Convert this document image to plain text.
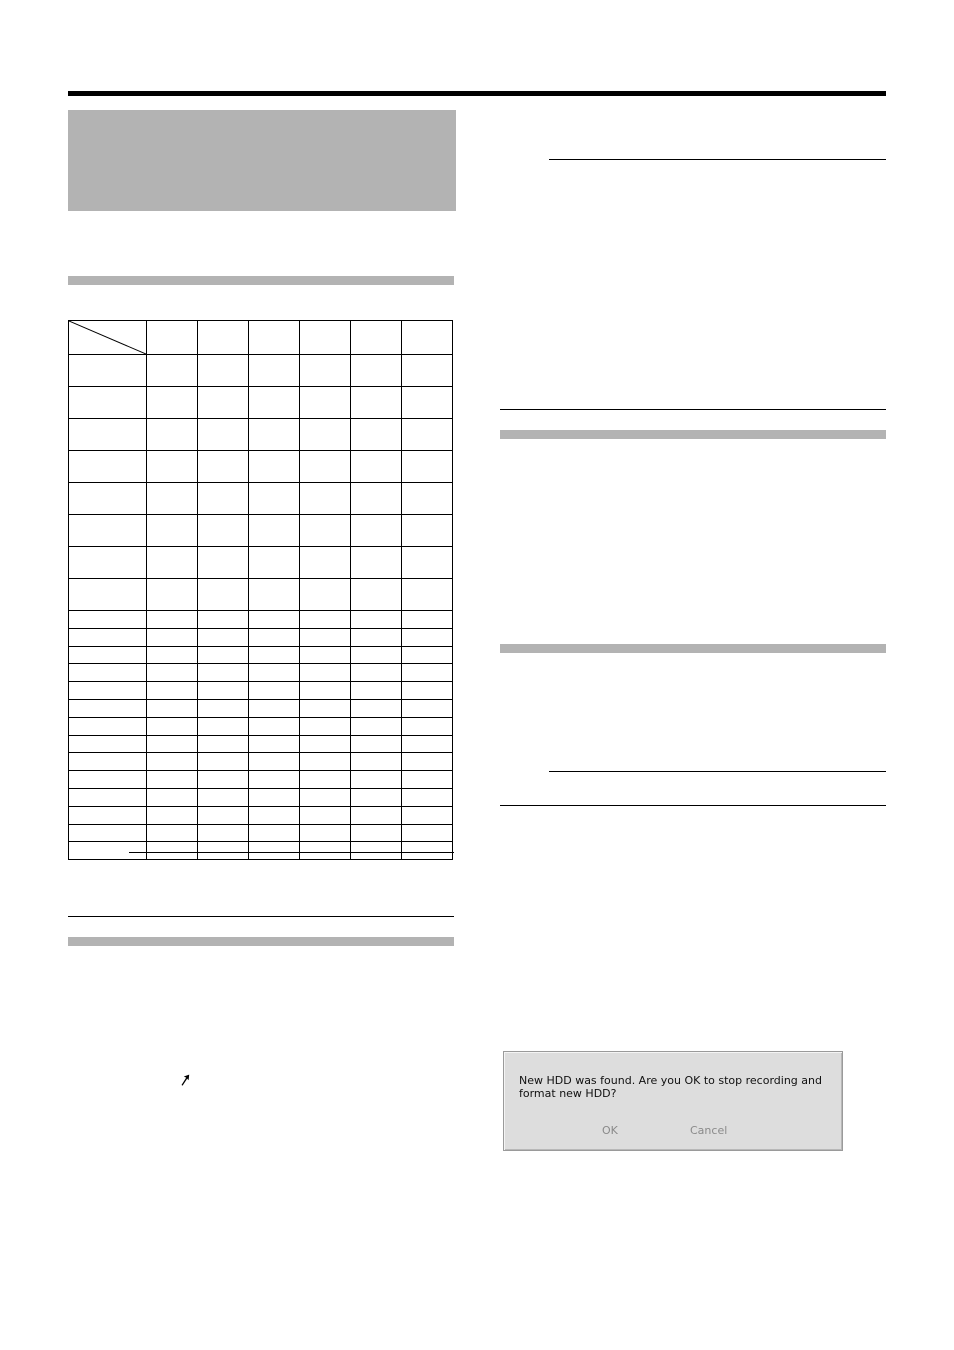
New HDD was found. Are you OK to stop recording and
format new HDD?
OK	Cancel
